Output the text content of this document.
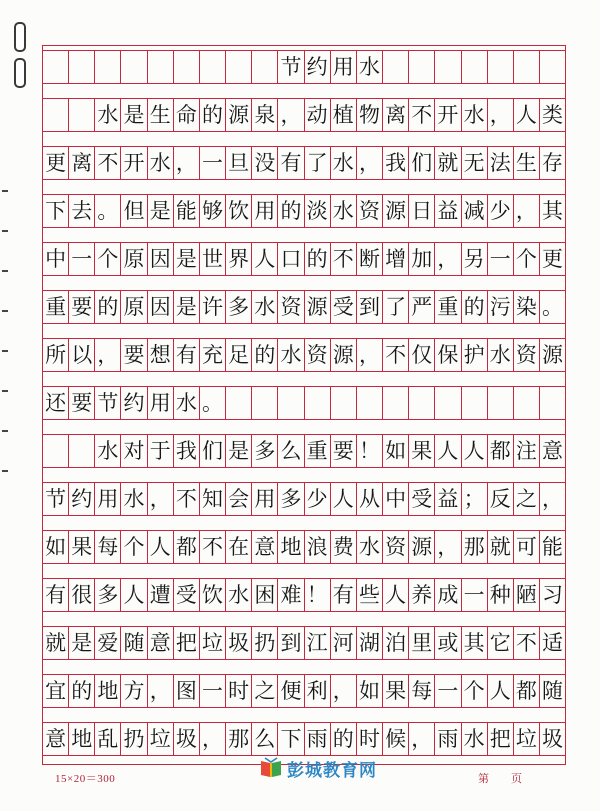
节 约 用 水
水 是 生 命 的 源 泉 ， 动 植 物 离 不 开 水 ， 人 类
更 离 不 开 水 ， 一 旦 没 有 了 水 ， 我 们 就 无 法 生 存
下 去 。 但 是 能 够 饮 用 的 淡 水 资 源 日 益 减 少 ， 其
中 一 个 原 因 是 世 界 人 口 的 不 断 增 加 ， 另 一 个 更
重 要 的 原 因 是 许 多 水 资 源 受 到 了 严 重 的 污 染 。
所 以 ， 要 想 有 充 足 的 水 资 源 ， 不 仅 保 护 水 资 源
还 要 节 约 用 水 。
水 对 于 我 们 是 多 么 重 要 ！ 如 果 人 人 都 注 意
节 约 用 水 ， 不 知 会 用 多 少 人 从 中 受 益 ； 反 之 ，
如 果 每 个 人 都 不 在 意 地 浪 费 水 资 源 ， 那 就 可 能
有 很 多 人 遭 受 饮 水 困 难 ！ 有 些 人 养 成 一 种 陋 习
就 是 爱 随 意 把 垃 圾 扔 到 江 河 湖 泊 里 或 其 它 不 适
宜 的 地 方 ， 图 一 时 之 便 利 ， 如 果 每 一 个 人 都 随
意 地 乱 扔 垃 圾 ， 那 么 下 雨 的 时 候 ， 雨 水 把 垃 圾
15×20＝300	彭城教育网	第 页
